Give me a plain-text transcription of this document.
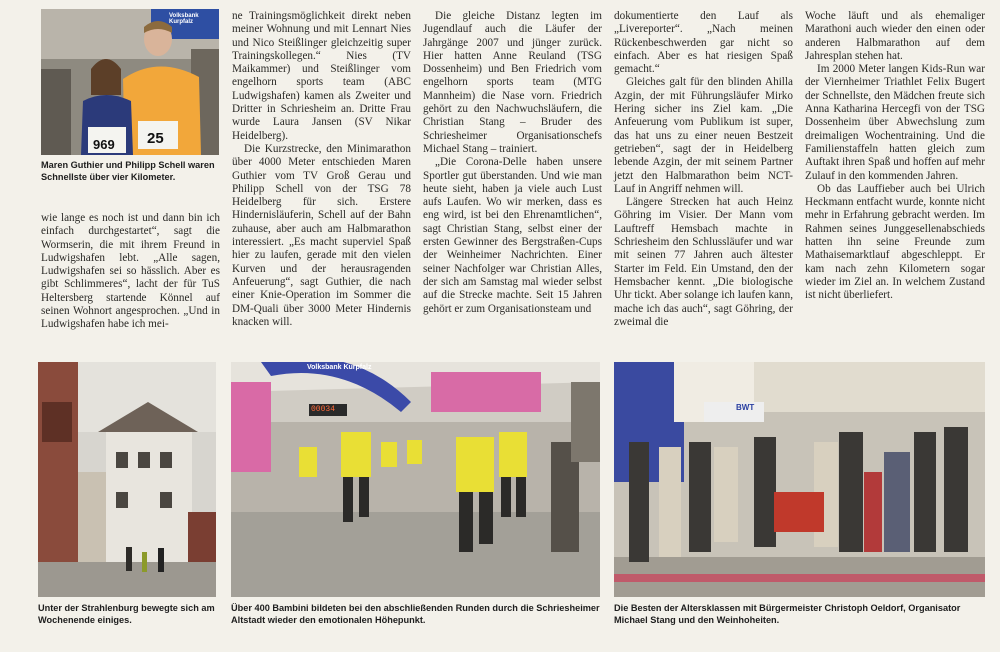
969 25
Volksbank Kurpfalz
Maren Guthier und Philipp Schell waren Schnellste über vier Kilometer.

wie lange es noch ist und dann bin ich einfach durchgestartet“, sagt die Wormserin, die mit ihrem Freund in Ludwigshafen lebt. „Alle sagen, Ludwigshafen sei so hässlich. Aber es gibt Schlimmeres“, lacht der für TuS Heltersberg startende Könnel auf seinen Wohnort angesprochen. „Und in Ludwigshafen habe ich mei-

ne Trainingsmöglichkeit direkt neben meiner Wohnung und mit Lennart Nies und Nico Steißlinger gleichzeitig super Trainingskollegen.“ Nies (TV Maikammer) und Steißlinger vom engelhorn sports team (ABC Ludwigshafen) kamen als Zweiter und Dritter in Schriesheim an. Dritte Frau wurde Laura Jansen (SV Nikar Heidelberg).

Die Kurzstrecke, den Minimarathon über 4000 Meter entschieden Maren Guthier vom TV Groß Gerau und Philipp Schell von der TSG 78 Heidelberg für sich. Erstere Hindernisläuferin, Schell auf der Bahn zuhause, aber auch am Halbmarathon interessiert. „Es macht superviel Spaß hier zu laufen, gerade mit den vielen Kurven und der herausragenden Anfeuerung“, sagt Guthier, die nach einer Knie-Operation im Sommer die DM-Quali über 3000 Meter Hindernis knacken will.

Die gleiche Distanz legten im Jugendlauf auch die Läufer der Jahrgänge 2007 und jünger zurück. Hier hatten Anne Reuland (TSG Dossenheim) und Ben Friedrich vom engelhorn sports team (MTG Mannheim) die Nase vorn. Friedrich gehört zu den Nachwuchsläufern, die Christian Stang – Bruder des Schriesheimer Organisationschefs Michael Stang – trainiert.

„Die Corona-Delle haben unsere Sportler gut überstanden. Und wie man heute sieht, haben ja viele auch Lust aufs Laufen. Wo wir merken, dass es eng wird, ist bei den Ehrenamtlichen“, sagt Christian Stang, selbst einer der ersten Gewinner des Bergstraßen-Cups der Weinheimer Nachrichten. Einer seiner Nachfolger war Christian Alles, der sich am Samstag mal wieder selbst auf die Strecke machte. Seit 15 Jahren gehört er zum Organisationsteam und

dokumentierte den Lauf als „Livereporter“. „Nach meinen Rückenbeschwerden gar nicht so einfach. Aber es hat riesigen Spaß gemacht.“

Gleiches galt für den blinden Ahilla Azgin, der mit Führungsläufer Mirko Hering sicher ins Ziel kam. „Die Anfeuerung vom Publikum ist super, das hat uns zu einer neuen Bestzeit getrieben“, sagt der in Heidelberg lebende Azgin, der mit seinem Partner jetzt den Halbmarathon beim NCT-Lauf in Angriff nehmen will.

Längere Strecken hat auch Heinz Göhring im Visier. Der Mann vom Lauftreff Hemsbach machte in Schriesheim den Schlussläufer und war mit seinen 77 Jahren auch ältester Starter im Feld. Ein Umstand, den der Hemsbacher kennt. „Die biologische Uhr tickt. Aber solange ich laufen kann, mache ich das auch“, sagt Göhring, der zweimal die

Woche läuft und als ehemaliger Marathoni auch wieder den einen oder anderen Halbmarathon auf dem Jahresplan stehen hat.

Im 2000 Meter langen Kids-Run war der Viernheimer Triathlet Felix Bugert der Schnellste, den Mädchen freute sich Anna Katharina Hercegfi von der TSG Dossenheim über Abwechslung zum dreimaligen Wochentraining. Und die Familienstaffeln hatten gleich zum Auftakt ihren Spaß und hoffen auf mehr Zulauf in den kommenden Jahren.

Ob das Lauffieber auch bei Ulrich Heckmann entfacht wurde, konnte nicht mehr in Erfahrung gebracht werden. Im Rahmen seines Junggesellenabschieds hatten ihn seine Freunde zum Mathaisemarktlauf abgeschleppt. Er kam nach zehn Kilometern sogar wieder im Ziel an. In welchem Zustand ist nicht überliefert.

Unter der Strahlenburg bewegte sich am Wochenende einiges.
Volksbank Kurpfalz
00034
Über 400 Bambini bildeten bei den abschließenden Runden durch die Schriesheimer Altstadt wieder den emotionalen Höhepunkt.
BWT
Die Besten der Altersklassen mit Bürgermeister Christoph Oeldorf, Organisator Michael Stang und den Weinhoheiten.
